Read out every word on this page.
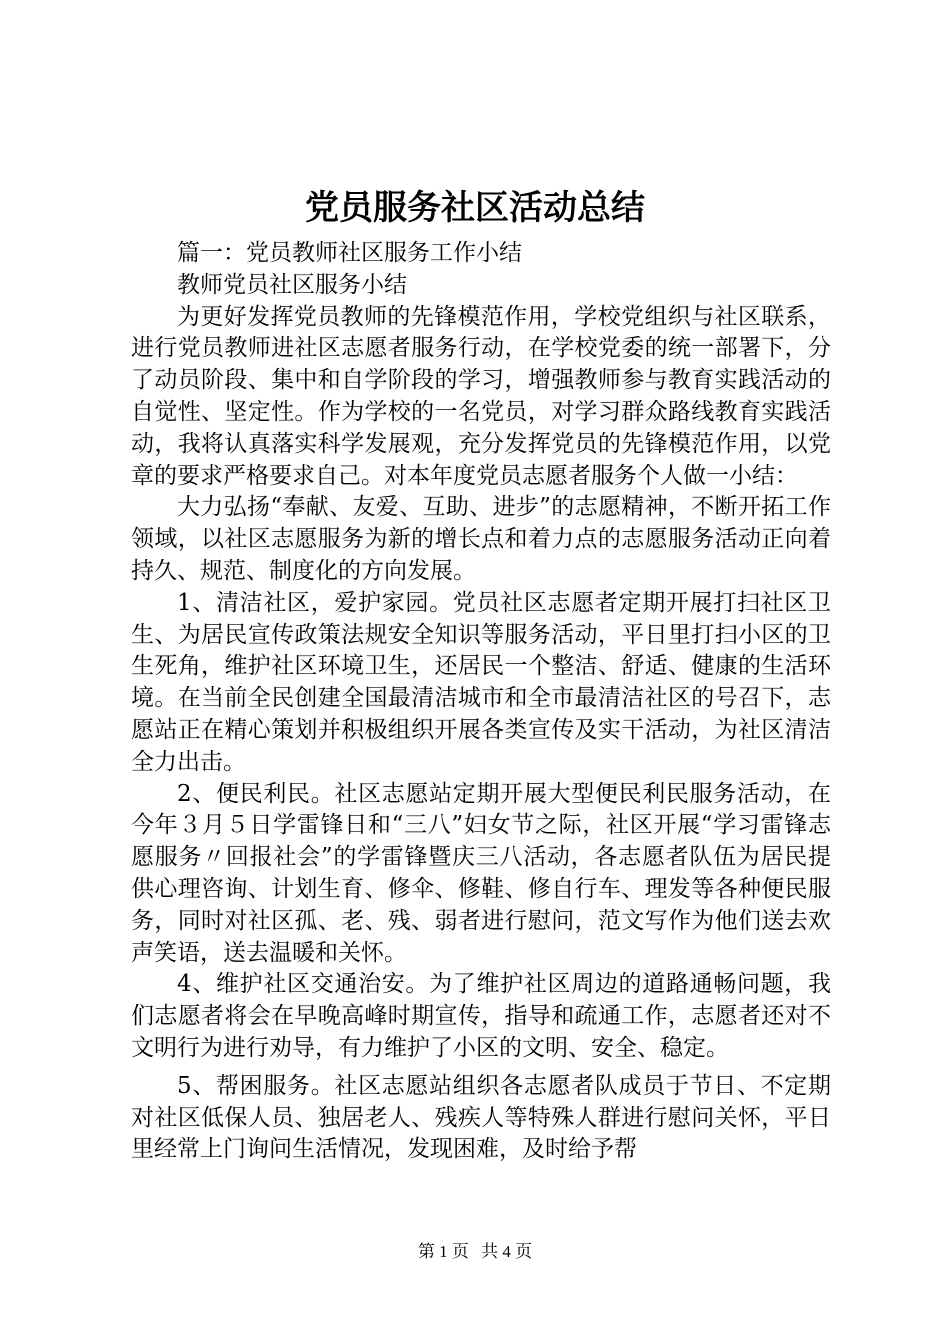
党员服务社区活动总结

篇一：党员教师社区服务工作小结

教师党员社区服务小结

为更好发挥党员教师的先锋模范作用，学校党组织与社区联系，进行党员教师进社区志愿者服务行动，在学校党委的统一部署下，分了动员阶段、集中和自学阶段的学习，增强教师参与教育实践活动的自觉性、坚定性。作为学校的一名党员，对学习群众路线教育实践活动，我将认真落实科学发展观，充分发挥党员的先锋模范作用，以党章的要求严格要求自己。对本年度党员志愿者服务个人做一小结：

大力弘扬“奉献、友爱、互助、进步”的志愿精神，不断开拓工作领域，以社区志愿服务为新的增长点和着力点的志愿服务活动正向着持久、规范、制度化的方向发展。

1、清洁社区，爱护家园。党员社区志愿者定期开展打扫社区卫生、为居民宣传政策法规安全知识等服务活动，平日里打扫小区的卫生死角，维护社区环境卫生，还居民一个整洁、舒适、健康的生活环境。在当前全民创建全国最清洁城市和全市最清洁社区的号召下，志愿站正在精心策划并积极组织开展各类宣传及实干活动，为社区清洁全力出击。

2、便民利民。社区志愿站定期开展大型便民利民服务活动，在今年３月５日学雷锋日和“三八”妇女节之际，社区开展“学习雷锋志愿服务〃回报社会”的学雷锋暨庆三八活动，各志愿者队伍为居民提供心理咨询、计划生育、修伞、修鞋、修自行车、理发等各种便民服务，同时对社区孤、老、残、弱者进行慰问，范文写作为他们送去欢声笑语，送去温暖和关怀。

4、维护社区交通治安。为了维护社区周边的道路通畅问题，我们志愿者将会在早晚高峰时期宣传，指导和疏通工作，志愿者还对不文明行为进行劝导，有力维护了小区的文明、安全、稳定。

5、帮困服务。社区志愿站组织各志愿者队成员于节日、不定期对社区低保人员、独居老人、残疾人等特殊人群进行慰问关怀，平日里经常上门询问生活情况，发现困难，及时给予帮

第 1 页 共 4 页
